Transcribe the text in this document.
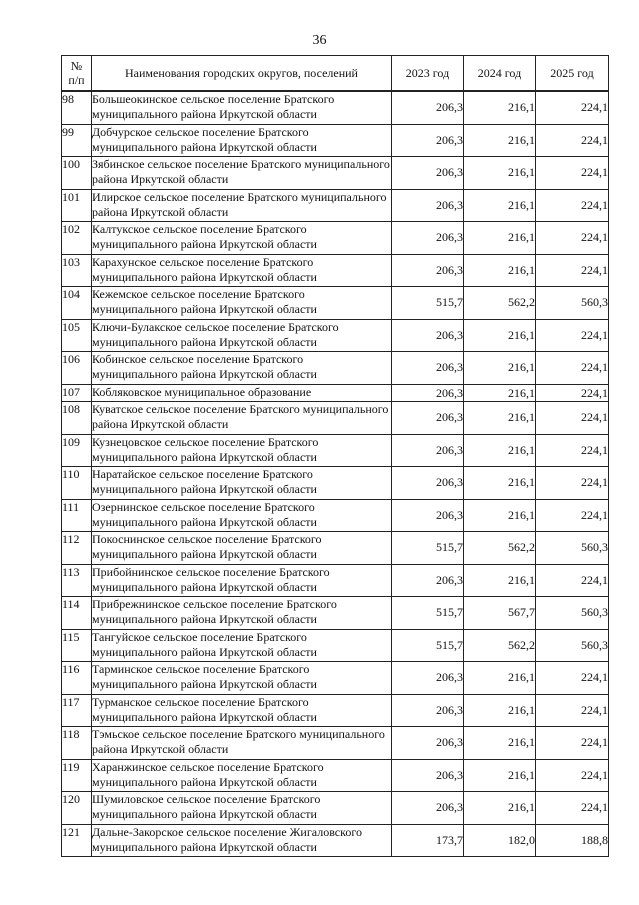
36
№
п/п	Наименования городских округов, поселений	2023 год	2024 год	2025 год
98	Большеокинское сельское поселение Братского муниципального района Иркутской области	206,3	216,1	224,1
99	Добчурское сельское поселение Братского муниципального района Иркутской области	206,3	216,1	224,1
100	Зябинское сельское поселение Братского муниципального района Иркутской области	206,3	216,1	224,1
101	Илирское сельское поселение Братского муниципального района Иркутской области	206,3	216,1	224,1
102	Калтукское сельское поселение Братского муниципального района Иркутской области	206,3	216,1	224,1
103	Карахунское сельское поселение Братского муниципального района Иркутской области	206,3	216,1	224,1
104	Кежемское сельское поселение Братского муниципального района Иркутской области	515,7	562,2	560,3
105	Ключи-Булакское сельское поселение Братского муниципального района Иркутской области	206,3	216,1	224,1
106	Кобинское сельское поселение Братского муниципального района Иркутской области	206,3	216,1	224,1
107	Кобляковское муниципальное образование	206,3	216,1	224,1
108	Куватское сельское поселение Братского муниципального района Иркутской области	206,3	216,1	224,1
109	Кузнецовское сельское поселение Братского муниципального района Иркутской области	206,3	216,1	224,1
110	Наратайское сельское поселение Братского муниципального района Иркутской области	206,3	216,1	224,1
111	Озернинское сельское поселение Братского муниципального района Иркутской области	206,3	216,1	224,1
112	Покоснинское сельское поселение Братского муниципального района Иркутской области	515,7	562,2	560,3
113	Прибойнинское сельское поселение Братского муниципального района Иркутской области	206,3	216,1	224,1
114	Прибрежнинское сельское поселение Братского муниципального района Иркутской области	515,7	567,7	560,3
115	Тангуйское сельское поселение Братского муниципального района Иркутской области	515,7	562,2	560,3
116	Тарминское сельское поселение Братского муниципального района Иркутской области	206,3	216,1	224,1
117	Турманское сельское поселение Братского муниципального района Иркутской области	206,3	216,1	224,1
118	Тэмьское сельское поселение Братского муниципального района Иркутской области	206,3	216,1	224,1
119	Харанжинское сельское поселение Братского муниципального района Иркутской области	206,3	216,1	224,1
120	Шумиловское сельское поселение Братского муниципального района Иркутской области	206,3	216,1	224,1
121	Дальне-Закорское сельское поселение Жигаловского муниципального района Иркутской области	173,7	182,0	188,8
